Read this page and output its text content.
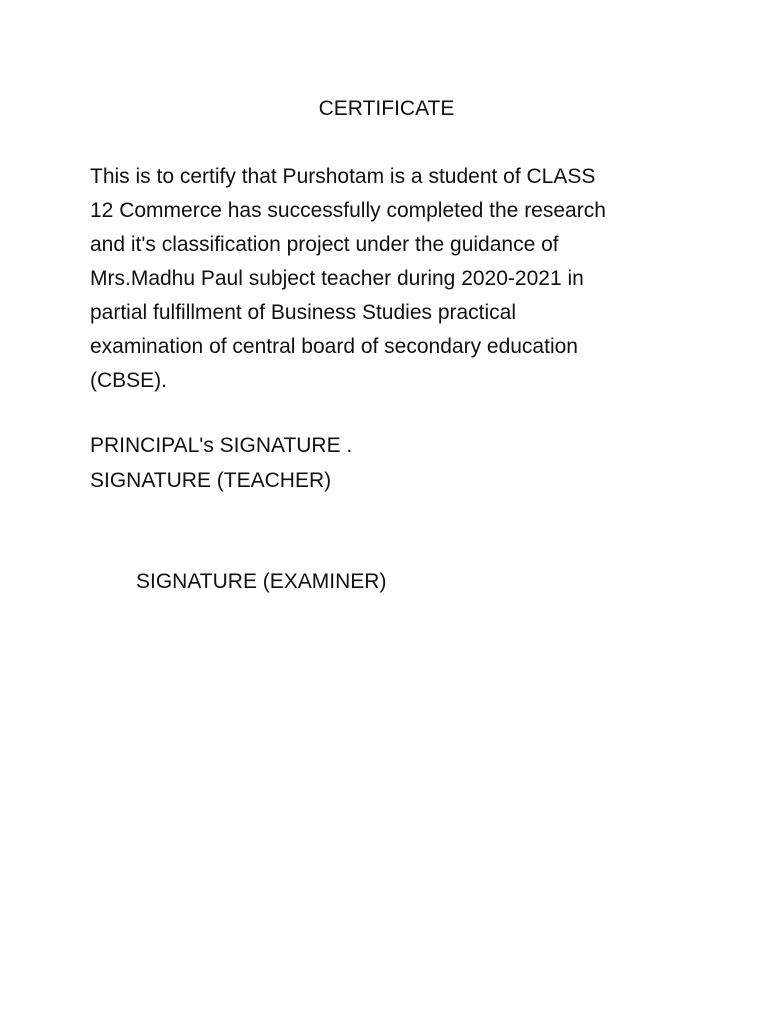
CERTIFICATE
This is to certify that Purshotam is a student of CLASS
12 Commerce has successfully completed the research
and it's classification project under the guidance of
Mrs.Madhu Paul subject teacher during 2020-2021 in
partial fulfillment of Business Studies practical
examination of central board of secondary education
(CBSE).
PRINCIPAL's SIGNATURE .
SIGNATURE (TEACHER)
SIGNATURE (EXAMINER)
